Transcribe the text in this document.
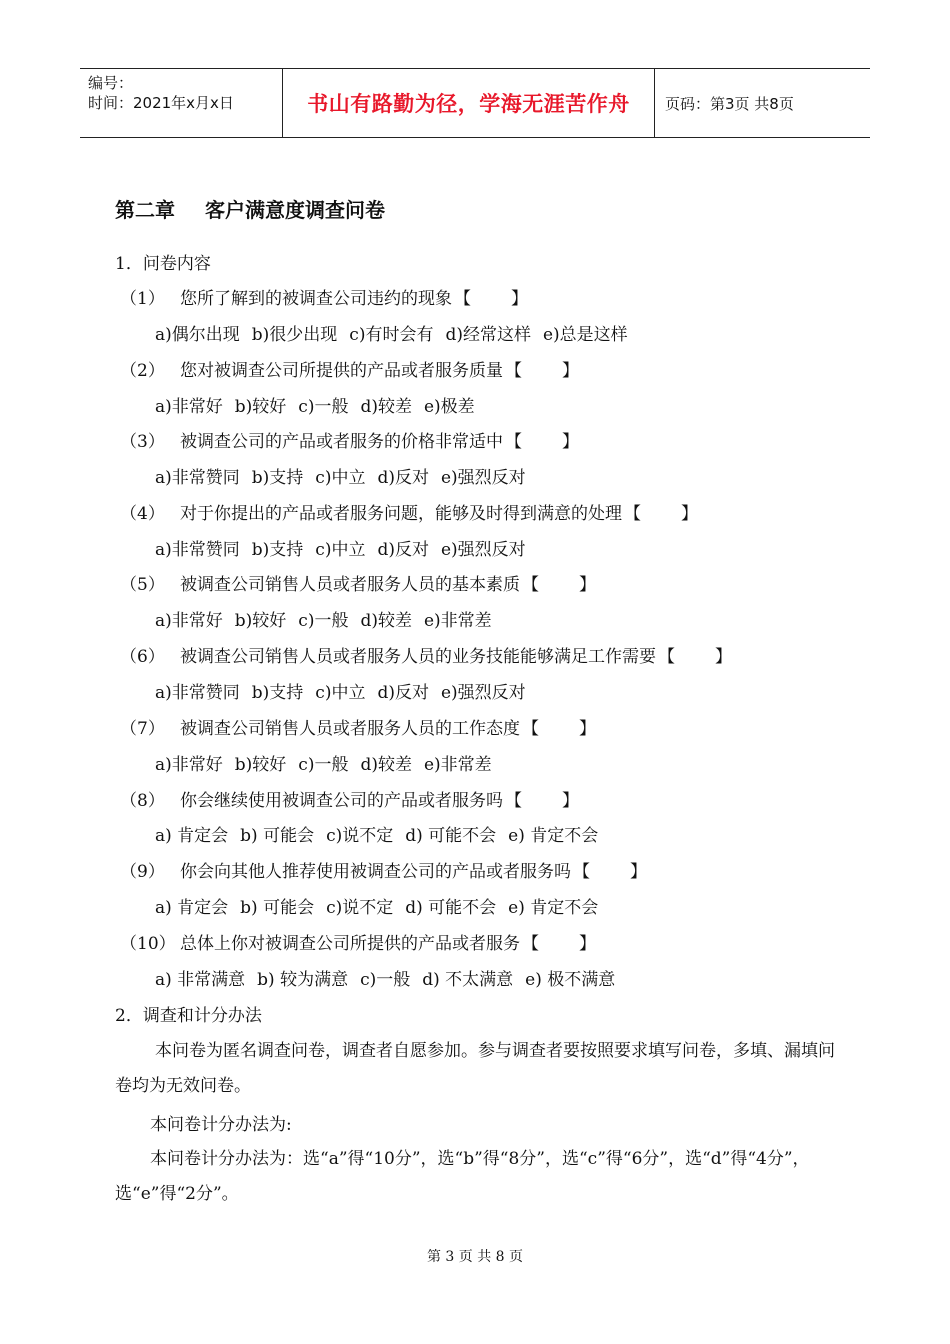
编号：
时间：2021年x月x日	书山有路勤为径，学海无涯苦作舟 页码：第3页 共8页
第二章 客户满意度调查问卷
1．问卷内容
（1） 您所了解到的被调查公司违约的现象 【 】
a)偶尔出现 b)很少出现 c)有时会有 d)经常这样 e)总是这样
（2） 您对被调查公司所提供的产品或者服务质量 【 】
a)非常好 b)较好 c)一般 d)较差 e)极差
（3） 被调查公司的产品或者服务的价格非常适中 【 】
a)非常赞同 b)支持 c)中立 d)反对 e)强烈反对
（4） 对于你提出的产品或者服务问题，能够及时得到满意的处理 【 】
a)非常赞同 b)支持 c)中立 d)反对 e)强烈反对
（5） 被调查公司销售人员或者服务人员的基本素质 【 】
a)非常好 b)较好 c)一般 d)较差 e)非常差
（6） 被调查公司销售人员或者服务人员的业务技能能够满足工作需要 【 】
a)非常赞同 b)支持 c)中立 d)反对 e)强烈反对
（7） 被调查公司销售人员或者服务人员的工作态度 【 】
a)非常好 b)较好 c)一般 d)较差 e)非常差
（8） 你会继续使用被调查公司的产品或者服务吗 【 】
a) 肯定会 b) 可能会 c)说不定 d) 可能不会 e) 肯定不会
（9） 你会向其他人推荐使用被调查公司的产品或者服务吗 【 】
a) 肯定会 b) 可能会 c)说不定 d) 可能不会 e) 肯定不会
（10） 总体上你对被调查公司所提供的产品或者服务 【 】
a) 非常满意 b) 较为满意 c)一般 d) 不太满意 e) 极不满意
2．调查和计分办法
本问卷为匿名调查问卷，调查者自愿参加。参与调查者要按照要求填写问卷，多填、漏填问卷均为无效问卷。
本问卷计分办法为:
本问卷计分办法为：选“a”得“10分”，选“b”得“8分”，选“c”得“6分”，选“d”得“4分”，选“e”得“2分”。
第 3 页 共 8 页
